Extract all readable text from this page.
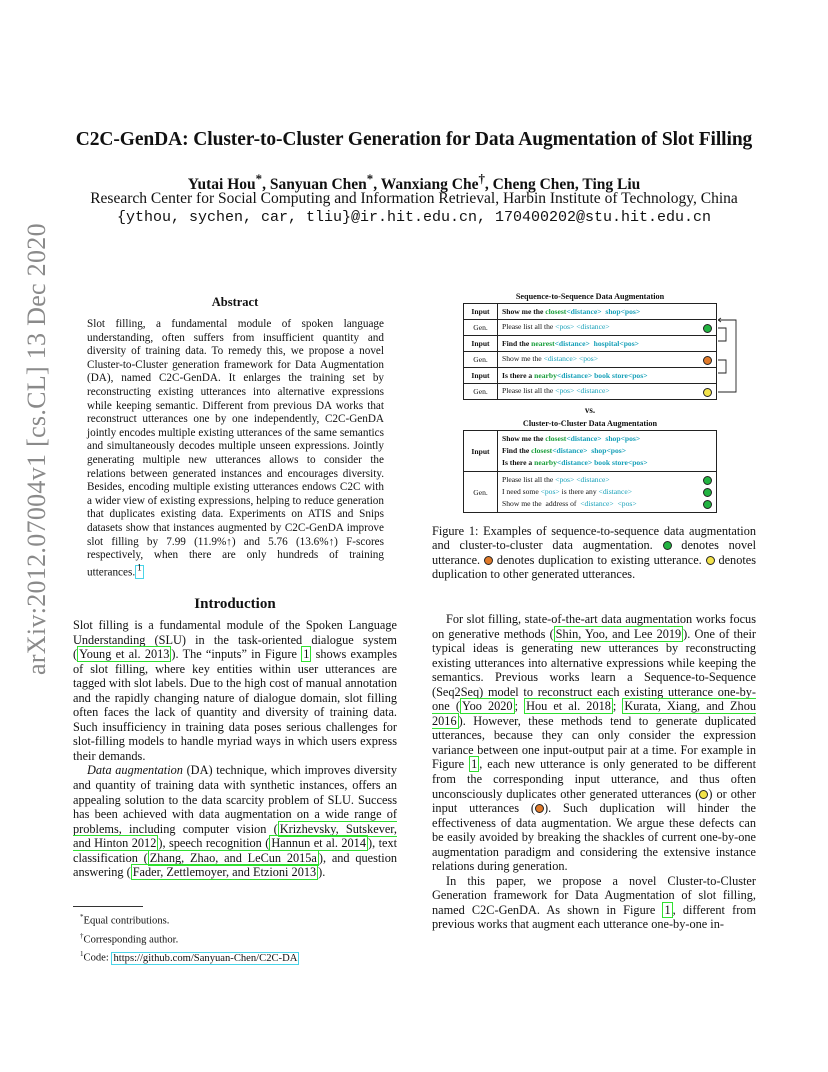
arXiv:2012.07004v1 [cs.CL] 13 Dec 2020
C2C-GenDA: Cluster-to-Cluster Generation for Data Augmentation of Slot Filling
Yutai Hou*, Sanyuan Chen*, Wanxiang Che†, Cheng Chen, Ting Liu
Research Center for Social Computing and Information Retrieval, Harbin Institute of Technology, China
{ythou, sychen, car, tliu}@ir.hit.edu.cn, 170400202@stu.hit.edu.cn
Abstract
Slot filling, a fundamental module of spoken language understanding, often suffers from insufficient quantity and diversity of training data. To remedy this, we propose a novel Cluster-to-Cluster generation framework for Data Augmentation (DA), named C2C-GenDA. It enlarges the training set by reconstructing existing utterances into alternative expressions while keeping semantic. Different from previous DA works that reconstruct utterances one by one independently, C2C-GenDA jointly encodes multiple existing utterances of the same semantics and simultaneously decodes multiple unseen expressions. Jointly generating multiple new utterances allows to consider the relations between generated instances and encourages diversity. Besides, encoding multiple existing utterances endows C2C with a wider view of existing expressions, helping to reduce generation that duplicates existing data. Experiments on ATIS and Snips datasets show that instances augmented by C2C-GenDA improve slot filling by 7.99 (11.9%↑) and 5.76 (13.6%↑) F-scores respectively, when there are only hundreds of training utterances. $^1$
Sequence-to-Sequence Data Augmentation
Input	Show me the closest<distance> shop<pos>
Gen.	Please list all the <pos> <distance>

Input	Find the nearest<distance> hospital<pos>
Gen.	Show me the <distance> <pos>

Input	Is there a nearby<distance> book store<pos>
Gen.	Please list all the <pos> <distance>
vs.
Cluster-to-Cluster Data Augmentation
Input	Show me the closest<distance> shop<pos>
Find the closest<distance> shop<pos>
Is there a nearby<distance> book store<pos>

Gen.	Please list all the <pos> <distance>
I need some <pos> is there any <distance>
Show me the  address of  <distance> <pos>
Figure 1: Examples of sequence-to-sequence data augmentation and cluster-to-cluster data augmentation.  denotes novel utterance.  denotes duplication to existing utterance.  denotes duplication to other generated utterances.
Introduction

Slot filling is a fundamental module of the Spoken Language Understanding (SLU) in the task-oriented dialogue system ( Young et al. 2013 ). The “inputs” in Figure 1 shows examples of slot filling, where key entities within user utterances are tagged with slot labels. Due to the high cost of manual annotation and the rapidly changing nature of dialogue domain, slot filling often faces the lack of quantity and diversity of training data. Such insufficiency in training data poses serious challenges for slot-filling models to handle myriad ways in which users express their demands.

Data augmentation (DA) technique, which improves diversity and quantity of training data with synthetic instances, offers an appealing solution to the data scarcity problem of SLU. Success has been achieved with data augmentation on a wide range of problems, including computer vision ( Krizhevsky, Sutskever, and Hinton 2012 ), speech recognition ( Hannun et al. 2014 ), text classification ( Zhang, Zhao, and LeCun 2015a ), and question answering ( Fader, Zettlemoyer, and Etzioni 2013 ).

For slot filling, state-of-the-art data augmentation works focus on generative methods ( Shin, Yoo, and Lee 2019 ). One of their typical ideas is generating new utterances by reconstructing existing utterances into alternative expressions while keeping the semantics. Previous works learn a Sequence-to-Sequence (Seq2Seq) model to reconstruct each existing utterance one-by-one ( Yoo 2020 ; Hou et al. 2018 ; Kurata, Xiang, and Zhou 2016 ). However, these methods tend to generate duplicated utterances, because they can only consider the expression variance between one input-output pair at a time. For example in Figure 1 , each new utterance is only generated to be different from the corresponding input utterance, and thus often unconsciously duplicates other generated utterances ( ) or other input utterances ( ). Such duplication will hinder the effectiveness of data augmentation. We argue these defects can be easily avoided by breaking the shackles of current one-by-one augmentation paradigm and considering the extensive instance relations during generation.

In this paper, we propose a novel Cluster-to-Cluster Generation framework for Data Augmentation of slot filling, named C2C-GenDA. As shown in Figure 1 , different from previous works that augment each utterance one-by-one in-

*Equal contributions.
†Corresponding author.
$^1$Code: https://github.com/Sanyuan-Chen/C2C-DA
